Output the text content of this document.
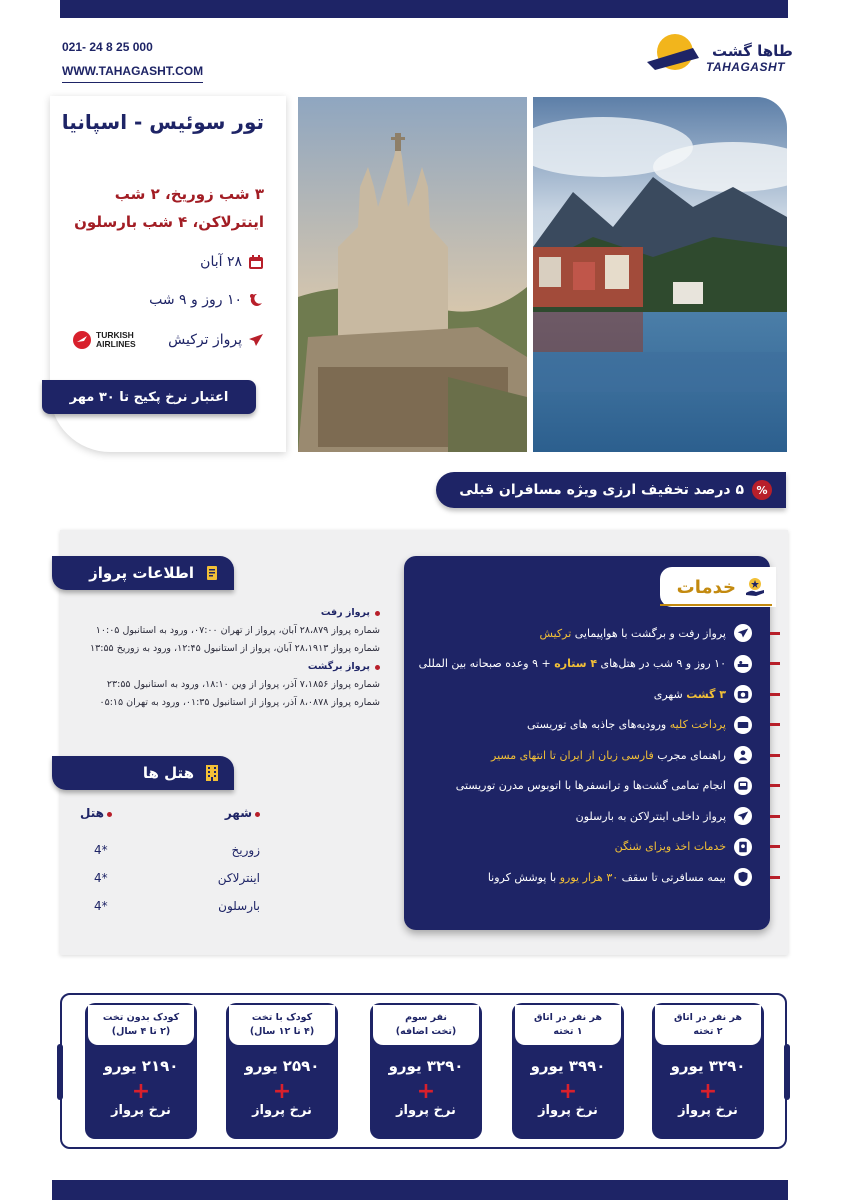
021- 24 8 25 000
WWW.TAHAGASHT.COM
طاها گشت
TAHAGASHT
تور سوئیس - اسپانیا
۳ شب زوریخ، ۲ شب اینترلاکن، ۴ شب بارسلون
۲۸ آبان
۱۰ روز و ۹ شب
پرواز ترکیش
TURKISH
AIRLINES
اعتبار نرخ پکیج تا ۳۰ مهر
%
۵ درصد تخفیف ارزی ویژه مسافران قبلی
اطلاعات پرواز
پرواز رفت
شماره پرواز ۲۸،۸۷۹ آبان، پرواز از تهران ۰۷:۰۰، ورود به استانبول ۱۰:۰۵
شماره پرواز ۲۸،۱۹۱۳ آبان، پرواز از استانبول ۱۲:۴۵، ورود به زوریخ ۱۳:۵۵
پرواز برگشت
شماره پرواز ۷،۱۸۵۶ آذر، پرواز از وین ۱۸:۱۰، ورود به استانبول ۲۳:۵۵
شماره پرواز ۸،۰۸۷۸ آذر، پرواز از استانبول ۰۱:۳۵، ورود به تهران ۰۵:۱۵
هتل ها
شهر
هتل
زوریخ
4*
اینترلاکن
4*
بارسلون
4*
خدمات
پرواز رفت و برگشت با هواپیمایی ترکیش
۱۰ روز و ۹ شب در هتل‌های ۴ ستاره + ۹ وعده صبحانه بین المللی
۳ گشت شهری
پرداخت کلیه ورودیه‌های جاذبه های توریستی
راهنمای مجرب فارسی زبان از ایران تا انتهای مسیر
انجام تمامی گشت‌ها و ترانسفرها با اتوبوس مدرن توریستی
پرواز داخلی اینترلاکن به بارسلون
خدمات اخذ ویزای شنگن
بیمه مسافرتی تا سقف ۳۰ هزار یورو با پوشش کرونا
هر نفر در اتاق
۲ تخته
۳۲۹۰ یورو
+
نرخ پرواز
هر نفر در اتاق
۱ تخته
۳۹۹۰ یورو
+
نرخ پرواز
نفر سوم
(تخت اضافه)
۳۲۹۰ یورو
+
نرخ پرواز
کودک با تخت
(۴ تا ۱۲ سال)
۲۵۹۰ یورو
+
نرخ پرواز
کودک بدون تخت
(۲ تا ۴ سال)
۲۱۹۰ یورو
+
نرخ پرواز
